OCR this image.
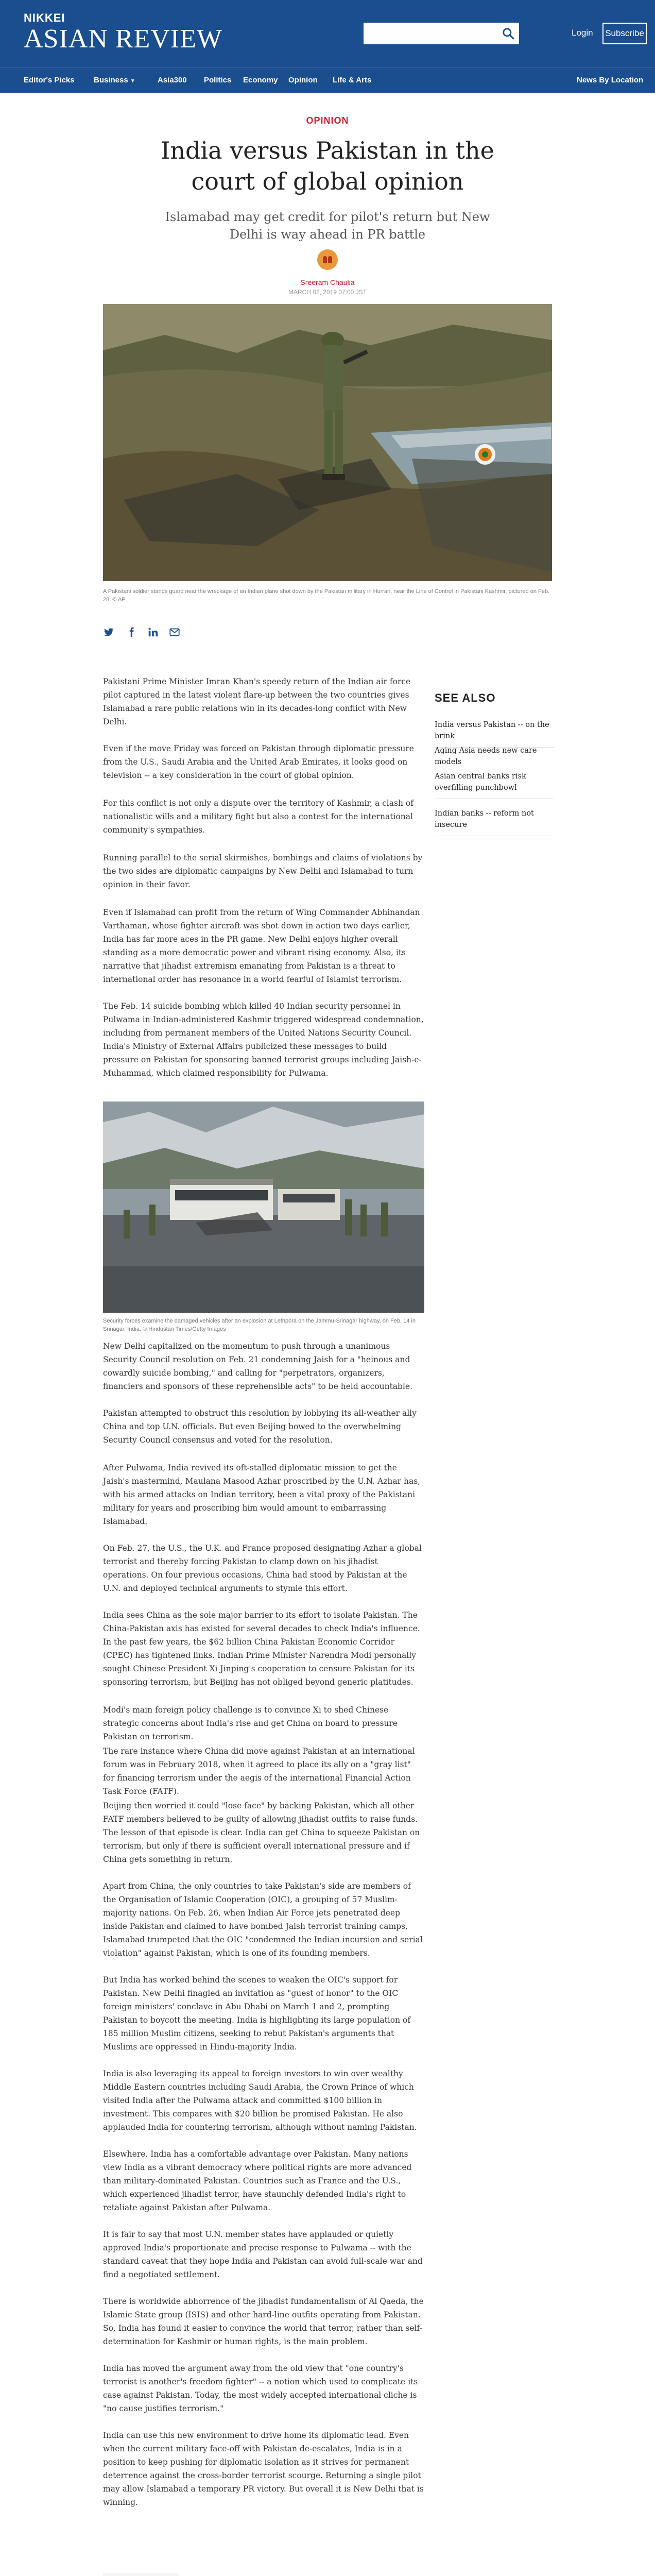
NIKKEI
ASIAN REVIEW	Login	Subscribe
Editor's Picks Business ▼	Asia300 Politics Economy Opinion Life & Arts	News By Location
OPINION
India versus Pakistan in the court of global opinion
Islamabad may get credit for pilot's return but New Delhi is way ahead in PR battle
Sreeram Chaulia
MARCH 02, 2019 07:00 JST
A Pakistani soldier stands guard near the wreckage of an Indian plane shot down by the Pakistan military in Hurran, near the Line of Control in Pakistani Kashmir, pictured on Feb. 28. © AP

Pakistani Prime Minister Imran Khan's speedy return of the Indian air force pilot captured in the latest violent flare-up between the two countries gives Islamabad a rare public relations win in its decades-long conflict with New Delhi.

Even if the move Friday was forced on Pakistan through diplomatic pressure from the U.S., Saudi Arabia and the United Arab Emirates, it looks good on television -- a key consideration in the court of global opinion.

For this conflict is not only a dispute over the territory of Kashmir, a clash of nationalistic wills and a military fight but also a contest for the international community's sympathies.

Running parallel to the serial skirmishes, bombings and claims of violations by the two sides are diplomatic campaigns by New Delhi and Islamabad to turn opinion in their favor.

Even if Islamabad can profit from the return of Wing Commander Abhinandan Varthaman, whose fighter aircraft was shot down in action two days earlier, India has far more aces in the PR game. New Delhi enjoys higher overall standing as a more democratic power and vibrant rising economy. Also, its narrative that jihadist extremism emanating from Pakistan is a threat to international order has resonance in a world fearful of Islamist terrorism.

The Feb. 14 suicide bombing which killed 40 Indian security personnel in Pulwama in Indian-administered Kashmir triggered widespread condemnation, including from permanent members of the United Nations Security Council. India's Ministry of External Affairs publicized these messages to build pressure on Pakistan for sponsoring banned terrorist groups including Jaish-e-Muhammad, which claimed responsibility for Pulwama.

SEE ALSO
India versus Pakistan -- on the brink
Aging Asia needs new care models
Asian central banks risk overfilling punchbowl
Indian banks -- reform not insecure
Security forces examine the damaged vehicles after an explosion at Lethpora on the Jammu-Srinagar highway, on Feb. 14 in Srinagar, India. © Hindustan Times/Getty Images

New Delhi capitalized on the momentum to push through a unanimous Security Council resolution on Feb. 21 condemning Jaish for a "heinous and cowardly suicide bombing," and calling for "perpetrators, organizers, financiers and sponsors of these reprehensible acts" to be held accountable.

Pakistan attempted to obstruct this resolution by lobbying its all-weather ally China and top U.N. officials. But even Beijing bowed to the overwhelming Security Council consensus and voted for the resolution.

After Pulwama, India revived its oft-stalled diplomatic mission to get the Jaish's mastermind, Maulana Masood Azhar proscribed by the U.N. Azhar has, with his armed attacks on Indian territory, been a vital proxy of the Pakistani military for years and proscribing him would amount to embarrassing Islamabad.

On Feb. 27, the U.S., the U.K. and France proposed designating Azhar a global terrorist and thereby forcing Pakistan to clamp down on his jihadist operations. On four previous occasions, China had stood by Pakistan at the U.N. and deployed technical arguments to stymie this effort.

India sees China as the sole major barrier to its effort to isolate Pakistan. The China-Pakistan axis has existed for several decades to check India's influence. In the past few years, the $62 billion China Pakistan Economic Corridor (CPEC) has tightened links. Indian Prime Minister Narendra Modi personally sought Chinese President Xi Jinping's cooperation to censure Pakistan for its sponsoring terrorism, but Beijing has not obliged beyond generic platitudes.

Modi's main foreign policy challenge is to convince Xi to shed Chinese strategic concerns about India's rise and get China on board to pressure Pakistan on terrorism.

The rare instance where China did move against Pakistan at an international forum was in February 2018, when it agreed to place its ally on a "gray list" for financing terrorism under the aegis of the international Financial Action Task Force (FATF).

Beijing then worried it could "lose face" by backing Pakistan, which all other FATF members believed to be guilty of allowing jihadist outfits to raise funds. The lesson of that episode is clear. India can get China to squeeze Pakistan on terrorism, but only if there is sufficient overall international pressure and if China gets something in return.

Apart from China, the only countries to take Pakistan's side are members of the Organisation of Islamic Cooperation (OIC), a grouping of 57 Muslim-majority nations. On Feb. 26, when Indian Air Force jets penetrated deep inside Pakistan and claimed to have bombed Jaish terrorist training camps, Islamabad trumpeted that the OIC "condemned the Indian incursion and serial violation" against Pakistan, which is one of its founding members.

But India has worked behind the scenes to weaken the OIC's support for Pakistan. New Delhi finagled an invitation as "guest of honor" to the OIC foreign ministers' conclave in Abu Dhabi on March 1 and 2, prompting Pakistan to boycott the meeting. India is highlighting its large population of 185 million Muslim citizens, seeking to rebut Pakistan's arguments that Muslims are oppressed in Hindu-majority India.

India is also leveraging its appeal to foreign investors to win over wealthy Middle Eastern countries including Saudi Arabia, the Crown Prince of which visited India after the Pulwama attack and committed $100 billion in investment. This compares with $20 billion he promised Pakistan. He also applauded India for countering terrorism, although without naming Pakistan.

Elsewhere, India has a comfortable advantage over Pakistan. Many nations view India as a vibrant democracy where political rights are more advanced than military-dominated Pakistan. Countries such as France and the U.S., which experienced jihadist terror, have staunchly defended India's right to retaliate against Pakistan after Pulwama.

It is fair to say that most U.N. member states have applauded or quietly approved India's proportionate and precise response to Pulwama -- with the standard caveat that they hope India and Pakistan can avoid full-scale war and find a negotiated settlement.

There is worldwide abhorrence of the jihadist fundamentalism of Al Qaeda, the Islamic State group (ISIS) and other hard-line outfits operating from Pakistan. So, India has found it easier to convince the world that terror, rather than self-determination for Kashmir or human rights, is the main problem.

India has moved the argument away from the old view that "one country's terrorist is another's freedom fighter" -- a notion which used to complicate its case against Pakistan. Today, the most widely accepted international cliche is "no cause justifies terrorism."

India can use this new environment to drive home its diplomatic lead. Even when the current military face-off with Pakistan de-escalates, India is in a position to keep pushing for diplomatic isolation as it strives for permanent deterrence against the cross-border terrorist scourge. Returning a single pilot may allow Islamabad a temporary PR victory. But overall it is New Delhi that is winning.
